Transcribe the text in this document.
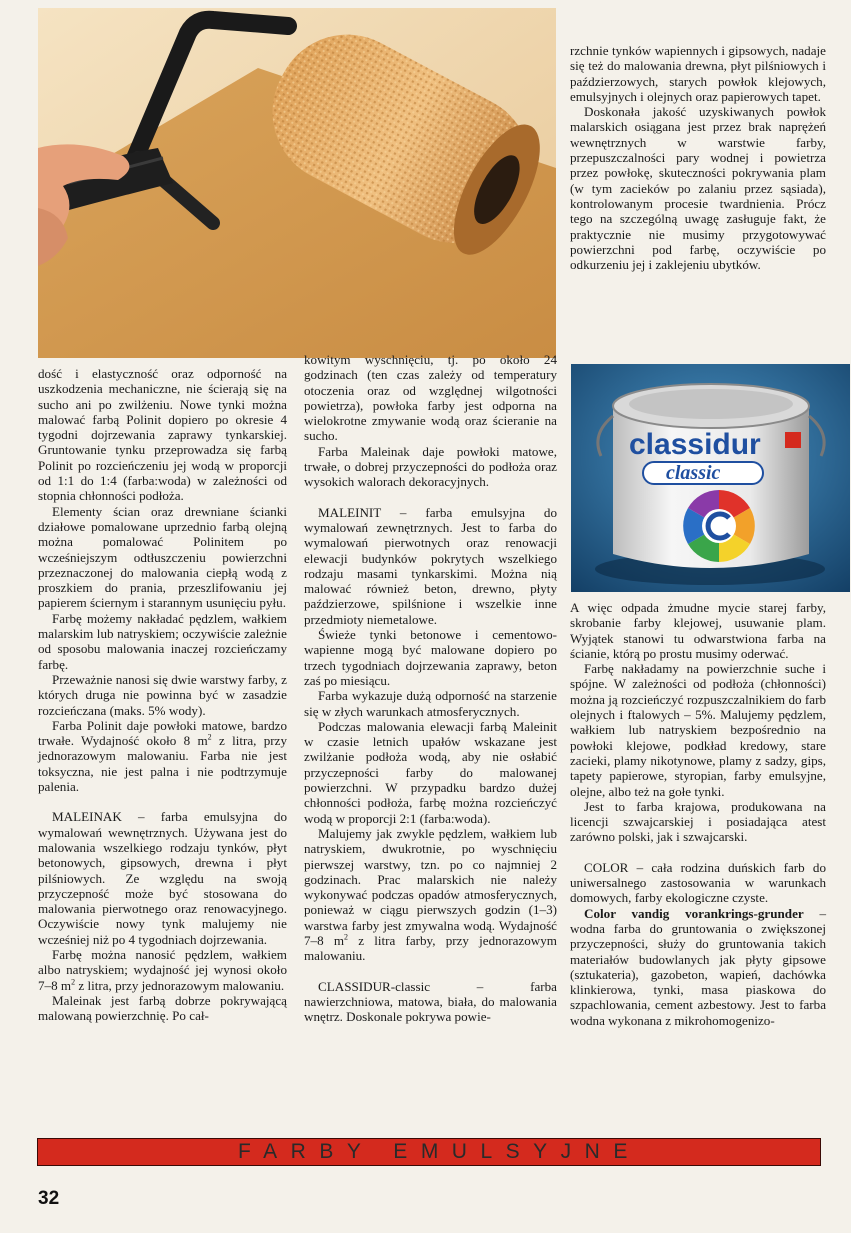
rzchnie tynków wapiennych i gipsowych, nadaje się też do malowania drewna, płyt pilśniowych i paździerzowych, starych powłok klejowych, emulsyjnych i olejnych oraz papierowych tapet.

Doskonała jakość uzyskiwanych powłok malarskich osiągana jest przez brak naprężeń wewnętrznych w warstwie farby, przepuszczalności pary wodnej i powietrza przez powłokę, skuteczności pokrywania plam (w tym zacieków po zalaniu przez sąsiada), kontrolowanym procesie twardnienia. Prócz tego na szczególną uwagę zasługuje fakt, że praktycznie nie musimy przygotowywać powierzchni pod farbę, oczywiście po odkurzeniu jej i zaklejeniu ubytków.

dość i elastyczność oraz odporność na uszkodzenia mechaniczne, nie ścierają się na sucho ani po zwilżeniu. Nowe tynki można malować farbą Polinit dopiero po okresie 4 tygodni dojrzewania zaprawy tynkarskiej. Gruntowanie tynku przeprowadza się farbą Polinit po rozcieńczeniu jej wodą w proporcji od 1:1 do 1:4 (farba:woda) w zależności od stopnia chłonności podłoża.

Elementy ścian oraz drewniane ścianki działowe pomalowane uprzednio farbą olejną można pomalować Polinitem po wcześniejszym odtłuszczeniu powierzchni przeznaczonej do malowania ciepłą wodą z proszkiem do prania, przeszlifowaniu jej papierem ściernym i starannym usunięciu pyłu.

Farbę możemy nakładać pędzlem, wałkiem malarskim lub natryskiem; oczywiście zależnie od sposobu malowania inaczej rozcieńczamy farbę.

Przeważnie nanosi się dwie warstwy farby, z których druga nie powinna być w zasadzie rozcieńczana (maks. 5% wody).

Farba Polinit daje powłoki matowe, bardzo trwałe. Wydajność około 8 $m^2$ z litra, przy jednorazowym malowaniu. Farba nie jest toksyczna, nie jest palna i nie podtrzymuje palenia.

MALEINAK – farba emulsyjna do wymalowań wewnętrznych. Używana jest do malowania wszelkiego rodzaju tynków, płyt betonowych, gipsowych, drewna i płyt pilśniowych. Ze względu na swoją przyczepność może być stosowana do malowania pierwotnego oraz renowacyjnego. Oczywiście nowy tynk malujemy nie wcześniej niż po 4 tygodniach dojrzewania.

Farbę można nanosić pędzlem, wałkiem albo natryskiem; wydajność jej wynosi około 7–8 $m^2$ z litra, przy jednorazowym malowaniu.

Maleinak jest farbą dobrze pokrywającą malowaną powierzchnię. Po cał-

kowitym wyschnięciu, tj. po około 24 godzinach (ten czas zależy od temperatury otoczenia oraz od względnej wilgotności powietrza), powłoka farby jest odporna na wielokrotne zmywanie wodą oraz ścieranie na sucho.

Farba Maleinak daje powłoki matowe, trwałe, o dobrej przyczepności do podłoża oraz wysokich walorach dekoracyjnych.

MALEINIT – farba emulsyjna do wymalowań zewnętrznych. Jest to farba do wymalowań pierwotnych oraz renowacji elewacji budynków pokrytych wszelkiego rodzaju masami tynkarskimi. Można nią malować również beton, drewno, płyty paździerzowe, spilśnione i wszelkie inne przedmioty niemetalowe.

Świeże tynki betonowe i cementowo-wapienne mogą być malowane dopiero po trzech tygodniach dojrzewania zaprawy, beton zaś po miesiącu.

Farba wykazuje dużą odporność na starzenie się w złych warunkach atmosferycznych.

Podczas malowania elewacji farbą Maleinit w czasie letnich upałów wskazane jest zwilżanie podłoża wodą, aby nie osłabić przyczepności farby do malowanej powierzchni. W przypadku bardzo dużej chłonności podłoża, farbę można rozcieńczyć wodą w proporcji 2:1 (farba:woda).

Malujemy jak zwykle pędzlem, wałkiem lub natryskiem, dwukrotnie, po wyschnięciu pierwszej warstwy, tzn. po co najmniej 2 godzinach. Prac malarskich nie należy wykonywać podczas opadów atmosferycznych, ponieważ w ciągu pierwszych godzin (1–3) warstwa farby jest zmywalna wodą. Wydajność 7–8 $m^2$ z litra farby, przy jednorazowym malowaniu.

CLASSIDUR-classic – farba nawierzchniowa, matowa, biała, do malowania wnętrz. Doskonale pokrywa powie-

classidur
classic

A więc odpada żmudne mycie starej farby, skrobanie farby klejowej, usuwanie plam. Wyjątek stanowi tu odwarstwiona farba na ścianie, którą po prostu musimy oderwać.

Farbę nakładamy na powierzchnie suche i spójne. W zależności od podłoża (chłonności) można ją rozcieńczyć rozpuszczalnikiem do farb olejnych i ftalowych – 5%. Malujemy pędzlem, wałkiem lub natryskiem bezpośrednio na powłoki klejowe, podkład kredowy, stare zacieki, plamy nikotynowe, plamy z sadzy, gips, tapety papierowe, styropian, farby emulsyjne, olejne, albo też na gołe tynki.

Jest to farba krajowa, produkowana na licencji szwajcarskiej i posiadająca atest zarówno polski, jak i szwajcarski.

COLOR – cała rodzina duńskich farb do uniwersalnego zastosowania w warunkach domowych, farby ekologiczne czyste.

Color vandig vorankrings-grunder – wodna farba do gruntowania o zwiększonej przyczepności, służy do gruntowania takich materiałów budowlanych jak płyty gipsowe (sztukateria), gazobeton, wapień, dachówka klinkierowa, tynki, masa piaskowa do szpachlowania, cement azbestowy. Jest to farba wodna wykonana z mikrohomogenizo-

FARBY EMULSYJNE
32
